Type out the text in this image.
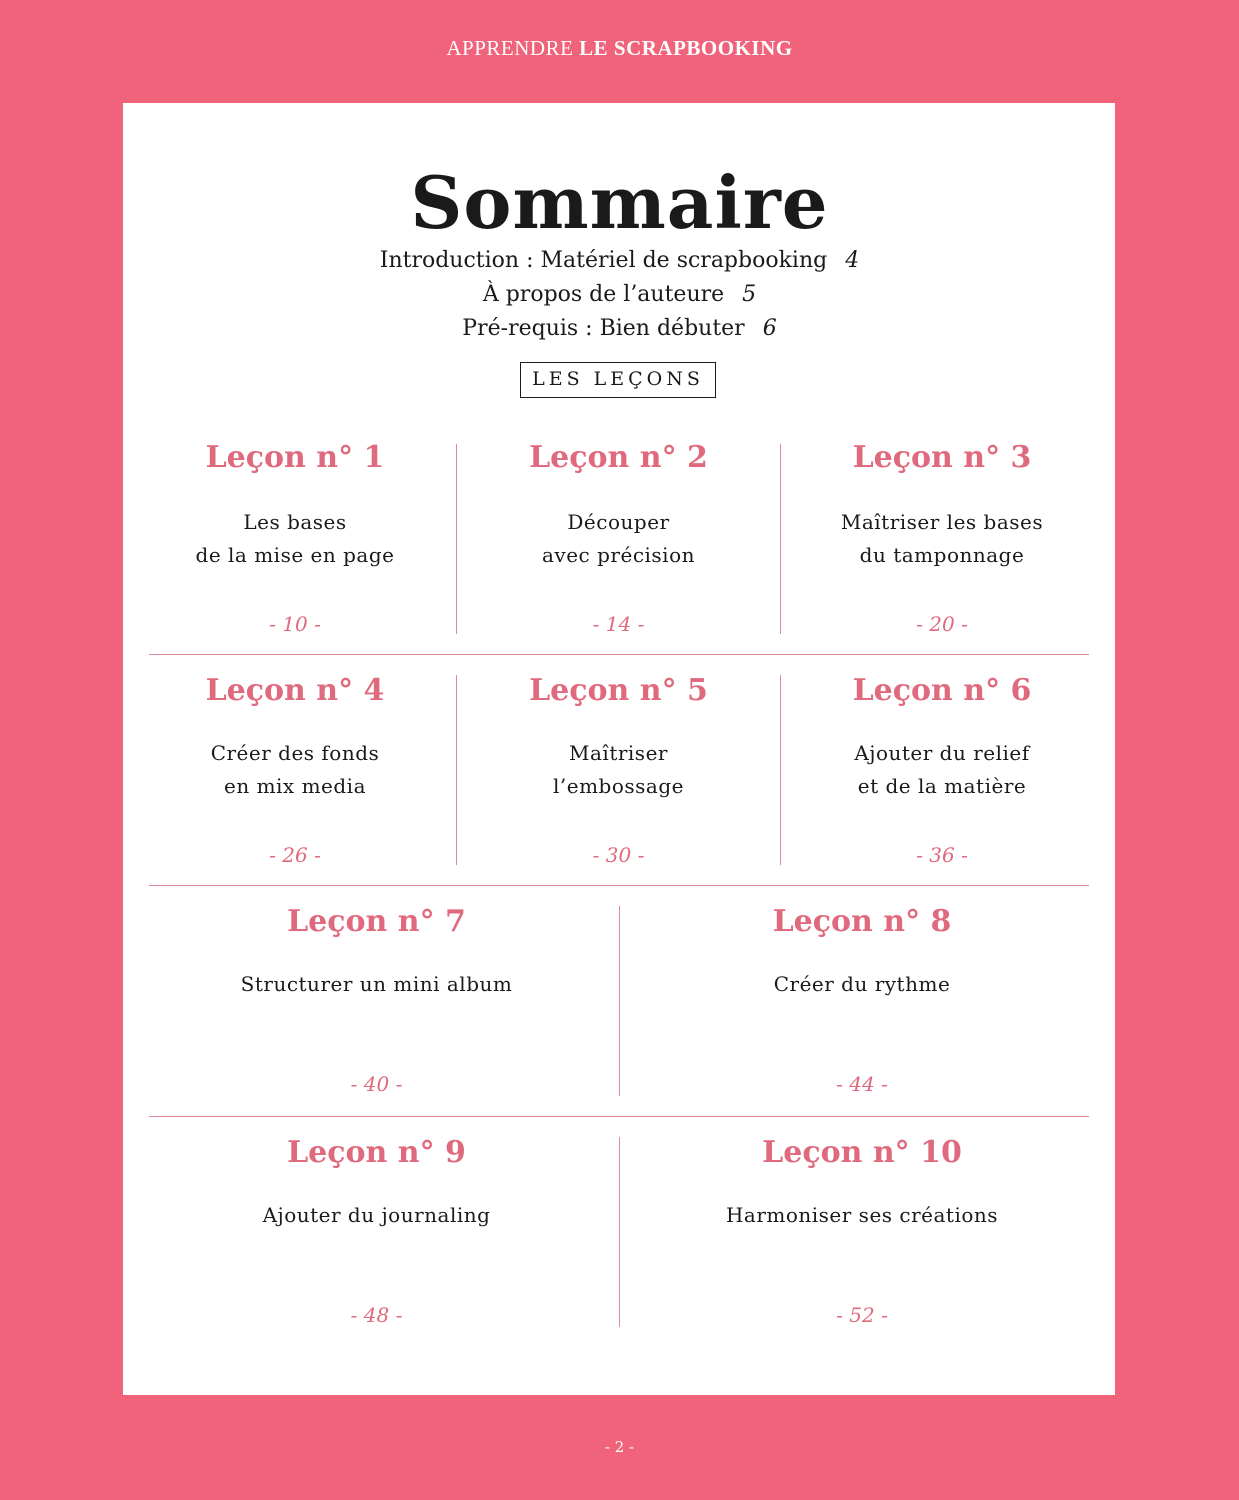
APPRENDRE LE SCRAPBOOKING
Sommaire
Introduction : Matériel de scrapbooking 4
À propos de l’auteure 5
Pré-requis : Bien débuter 6
LES LEÇONS
Leçon n° 1
Les bases
de la mise en page
- 10 -
Leçon n° 2
Découper
avec précision
- 14 -
Leçon n° 3
Maîtriser les bases
du tamponnage
- 20 -
Leçon n° 4
Créer des fonds
en mix media
- 26 -
Leçon n° 5
Maîtriser
l’embossage
- 30 -
Leçon n° 6
Ajouter du relief
et de la matière
- 36 -
Leçon n° 7
Structurer un mini album
- 40 -
Leçon n° 8
Créer du rythme
- 44 -
Leçon n° 9
Ajouter du journaling
- 48 -
Leçon n° 10
Harmoniser ses créations
- 52 -
- 2 -
